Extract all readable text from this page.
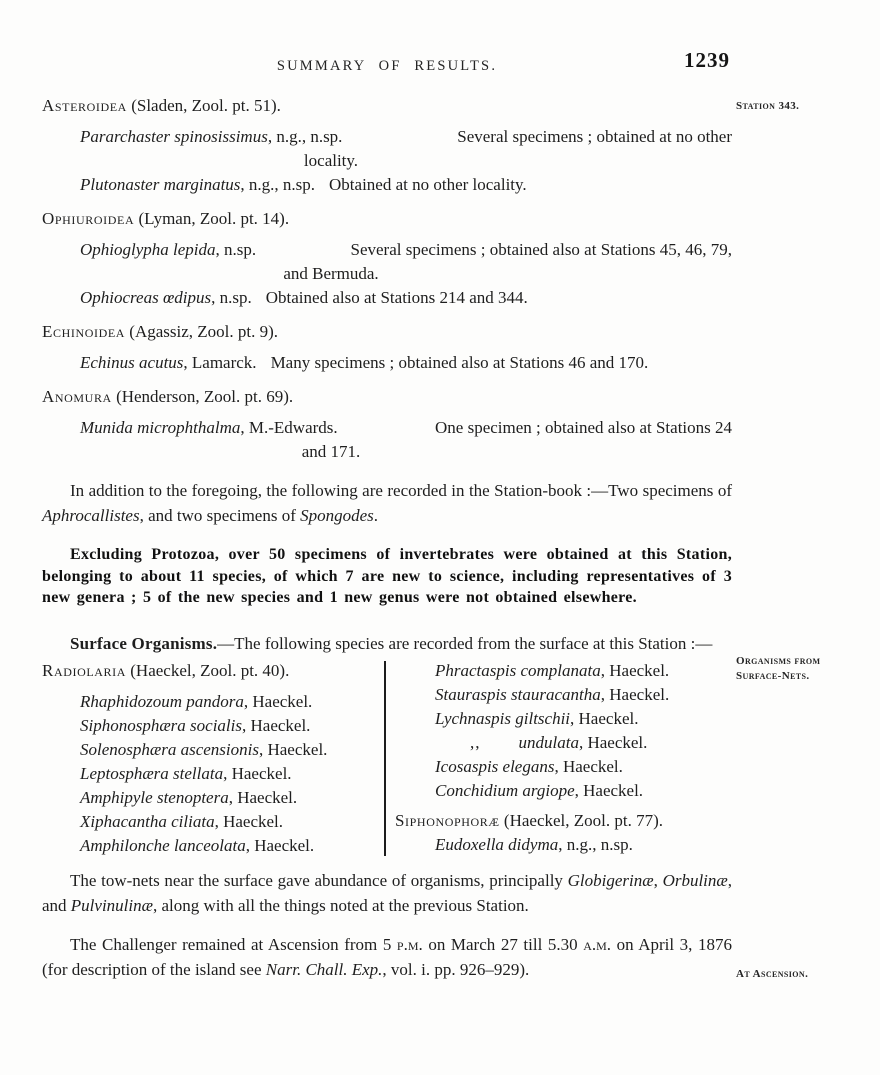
SUMMARY OF RESULTS.	1239
Station 343.
Organisms from
Surface-Nets.
At Ascension.
Asteroidea (Sladen, Zool. pt. 51).
Pararchaster spinosissimus, n.g., n.sp.	Several specimens ; obtained at no other
locality.
Plutonaster marginatus, n.g., n.sp. Obtained at no other locality.
Ophiuroidea (Lyman, Zool. pt. 14).
Ophioglypha lepida, n.sp.	Several specimens ; obtained also at Stations 45, 46, 79,
and Bermuda.
Ophiocreas œdipus, n.sp. Obtained also at Stations 214 and 344.
Echinoidea (Agassiz, Zool. pt. 9).
Echinus acutus, Lamarck. Many specimens ; obtained also at Stations 46 and 170.
Anomura (Henderson, Zool. pt. 69).
Munida microphthalma, M.-Edwards.	One specimen ; obtained also at Stations 24
and 171.

In addition to the foregoing, the following are recorded in the Station-book :—Two specimens of Aphrocallistes, and two specimens of Spongodes.

Excluding Protozoa, over 50 specimens of invertebrates were obtained at this Station, belonging to about 11 species, of which 7 are new to science, including representatives of 3 new genera ; 5 of the new species and 1 new genus were not obtained elsewhere.

Surface Organisms.—The following species are recorded from the surface at this Station :—

Radiolaria (Haeckel, Zool. pt. 40).
Rhaphidozoum pandora, Haeckel.
Siphonosphæra socialis, Haeckel.
Solenosphæra ascensionis, Haeckel.
Leptosphæra stellata, Haeckel.
Amphipyle stenoptera, Haeckel.
Xiphacantha ciliata, Haeckel.
Amphilonche lanceolata, Haeckel.
Phractaspis complanata, Haeckel.
Stauraspis stauracantha, Haeckel.
Lychnaspis giltschii, Haeckel.
,, undulata, Haeckel.
Icosaspis elegans, Haeckel.
Conchidium argiope, Haeckel.
Siphonophoræ (Haeckel, Zool. pt. 77).
Eudoxella didyma, n.g., n.sp.

The tow-nets near the surface gave abundance of organisms, principally Globigerinæ, Orbulinæ, and Pulvinulinæ, along with all the things noted at the previous Station.

The Challenger remained at Ascension from 5 p.m. on March 27 till 5.30 a.m. on April 3, 1876 (for description of the island see Narr. Chall. Exp., vol. i. pp. 926–929).
